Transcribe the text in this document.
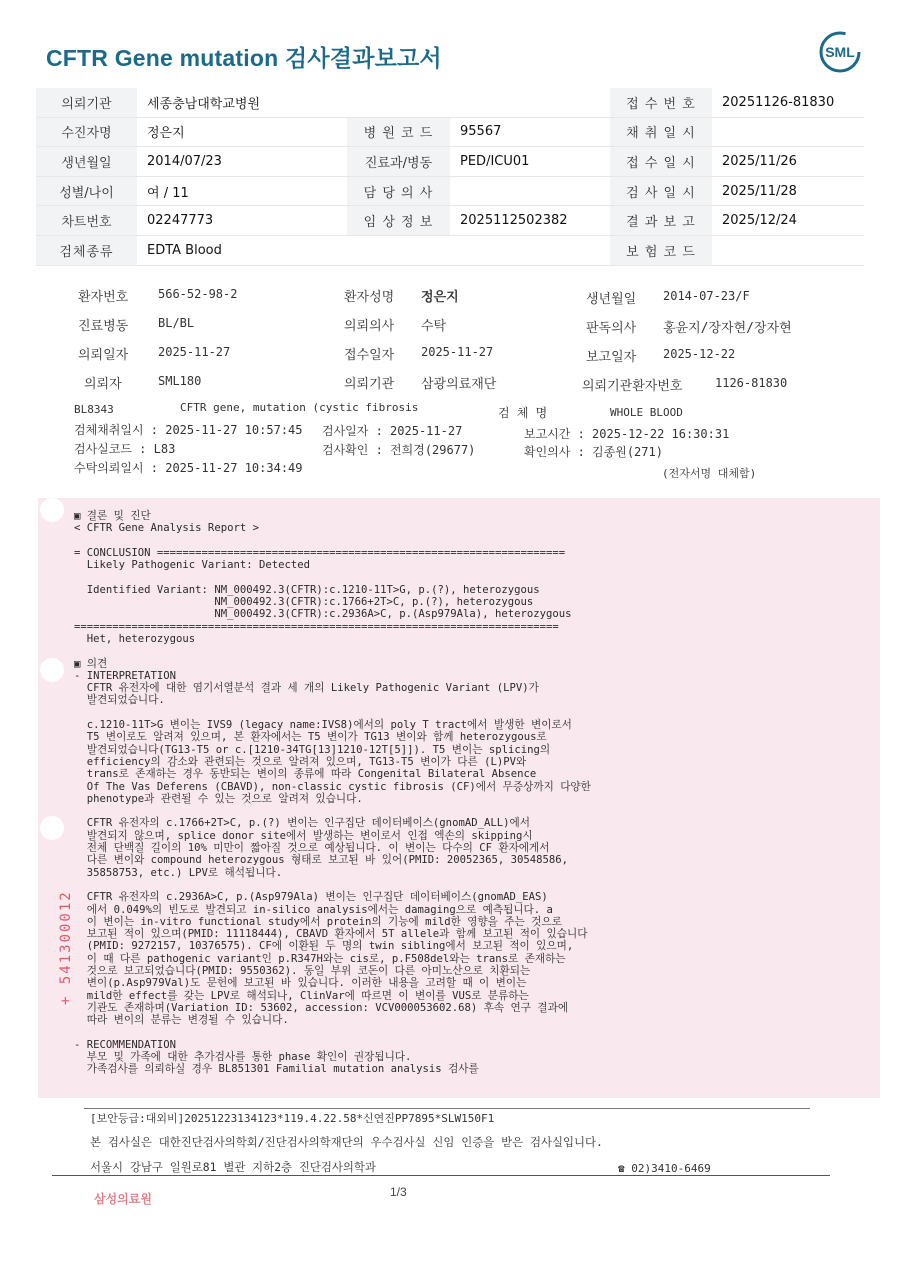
CFTR Gene mutation 검사결과보고서	SML
의뢰기관	세종충남대학교병원			접 수 번 호	20251126-81830
수진자명	정은지	병 원 코 드	95567	채 취 일 시	
생년월일	2014/07/23	진료과/병동	PED/ICU01	접 수 일 시	2025/11/26
성별/나이	여 / 11	담 당 의 사		검 사 일 시	2025/11/28
차트번호	02247773	임 상 정 보	2025112502382	결 과 보 고	2025/12/24
검체종류	EDTA Blood			보 험 코 드	
환자번호 566-52-98-2	환자성명 정은지	생년월일 2014-07-23/F
진료병동 BL/BL	의뢰의사 수탁	판독의사 홍윤지/장자현/장자현
의뢰일자 2025-11-27	접수일자 2025-11-27	보고일자 2025-12-22
의뢰자	SML180	의뢰기관 삼광의료재단	의뢰기관환자번호	1126-81830
BL8343	CFTR gene, mutation (cystic fibrosis	검 체 명	WHOLE BLOOD
검체채취일시 : 2025-11-27 10:57:45 검사일자 : 2025-11-27	보고시간 : 2025-12-22 16:30:31
검사실코드 : L83	검사확인 : 전희경(29677)	확인의사 : 김종원(271)
수탁의뢰일시 : 2025-11-27 10:34:49	(전자서명 대체함)
▣ 결론 및 진단
< CFTR Gene Analysis Report >

= CONCLUSION ================================================================
Likely Pathogenic Variant: Detected

Identified Variant: NM_000492.3(CFTR):c.1210-11T>G, p.(?), heterozygous
NM_000492.3(CFTR):c.1766+2T>C, p.(?), heterozygous
NM_000492.3(CFTR):c.2936A>C, p.(Asp979Ala), heterozygous
============================================================================
Het, heterozygous

▣ 의견
- INTERPRETATION
CFTR 유전자에 대한 염기서열분석 결과 세 개의 Likely Pathogenic Variant (LPV)가
발견되었습니다.

c.1210-11T>G 변이는 IVS9 (legacy name:IVS8)에서의 poly T tract에서 발생한 변이로서
T5 변이로도 알려져 있으며, 본 환자에서는 T5 변이가 TG13 변이와 함께 heterozygous로
발견되었습니다(TG13-T5 or c.[1210-34TG[13]1210-12T[5]]). T5 변이는 splicing의
efficiency의 감소와 관련되는 것으로 알려져 있으며, TG13-T5 변이가 다른 (L)PV와
trans로 존재하는 경우 동반되는 변이의 종류에 따라 Congenital Bilateral Absence
Of The Vas Deferens (CBAVD), non-classic cystic fibrosis (CF)에서 무증상까지 다양한
phenotype과 관련될 수 있는 것으로 알려져 있습니다.

CFTR 유전자의 c.1766+2T>C, p.(?) 변이는 인구집단 데이터베이스(gnomAD_ALL)에서
발견되지 않으며, splice donor site에서 발생하는 변이로서 인접 엑손의 skipping시
전체 단백질 길이의 10% 미만이 짧아질 것으로 예상됩니다. 이 변이는 다수의 CF 환자에게서
다른 변이와 compound heterozygous 형태로 보고된 바 있어(PMID: 20052365, 30548586,
35858753, etc.) LPV로 해석됩니다.

CFTR 유전자의 c.2936A>C, p.(Asp979Ala) 변이는 인구집단 데이터베이스(gnomAD_EAS)
에서 0.049%의 빈도로 발견되고 in-silico analysis에서는 damaging으로 예측됩니다. a
이 변이는 in-vitro functional study에서 protein의 기능에 mild한 영향을 주는 것으로
보고된 적이 있으며(PMID: 11118444), CBAVD 환자에서 5T allele과 함께 보고된 적이 있습니다
(PMID: 9272157, 10376575). CF에 이환된 두 명의 twin sibling에서 보고된 적이 있으며,
이 때 다른 pathogenic variant인 p.R347H와는 cis로, p.F508del와는 trans로 존재하는
것으로 보고되었습니다(PMID: 9550362). 동일 부위 코돈이 다른 아미노산으로 치환되는
변이(p.Asp979Val)도 문헌에 보고된 바 있습니다. 이러한 내용을 고려할 때 이 변이는
mild한 effect를 갖는 LPV로 해석되나, ClinVar에 따르면 이 변이를 VUS로 분류하는
기관도 존재하며(Variation ID: 53602, accession: VCV000053602.68) 후속 연구 결과에
따라 변이의 분류는 변경될 수 있습니다.

- RECOMMENDATION
부모 및 가족에 대한 추가검사를 통한 phase 확인이 권장됩니다.
가족검사를 의뢰하실 경우 BL851301 Familial mutation analysis 검사를
+ 541300012
[보안등급:대외비]20251223134123*119.4.22.58*신연진PP7895*SLW150F1
본 검사실은 대한진단검사의학회/진단검사의학재단의 우수검사실 신임 인증을 받은 검사실입니다.
서울시 강남구 일원로81 별관 지하2층 진단검사의학과	☎ 02)3410-6469
삼성의료원	1/3
